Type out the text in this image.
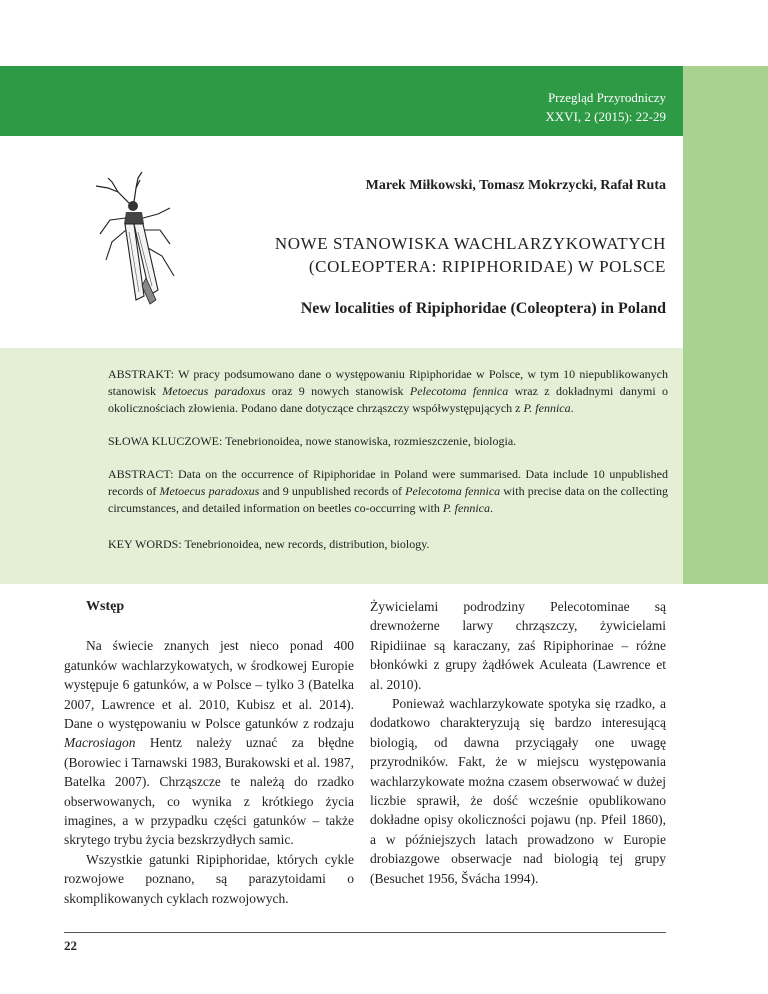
Przegląd Przyrodniczy
XXVI, 2 (2015): 22-29
Marek Miłkowski, Tomasz Mokrzycki, Rafał Ruta
NOWE STANOWISKA WACHLARZYKOWATYCH
(COLEOPTERA: RIPIPHORIDAE) W POLSCE
New localities of Ripiphoridae (Coleoptera) in Poland
ABSTRAKT: W pracy podsumowano dane o występowaniu Ripiphoridae w Polsce, w tym 10 niepublikowanych stanowisk Metoecus paradoxus oraz 9 nowych stanowisk Pelecotoma fennica wraz z dokładnymi danymi o okolicznościach złowienia. Podano dane dotyczące chrząszczy współwystępujących z P. fennica.
SŁOWA KLUCZOWE: Tenebrionoidea, nowe stanowiska, rozmieszczenie, biologia.
ABSTRACT: Data on the occurrence of Ripiphoridae in Poland were summarised. Data include 10 unpublished records of Metoecus paradoxus and 9 unpublished records of Pelecotoma fennica with precise data on the collecting circumstances, and detailed information on beetles co-occurring with P. fennica.
KEY WORDS: Tenebrionoidea, new records, distribution, biology.
Wstęp

Na świecie znanych jest nieco ponad 400 gatunków wachlarzykowatych, w środkowej Europie występuje 6 gatunków, a w Polsce – tylko 3 (Batelka 2007, Lawrence et al. 2010, Kubisz et al. 2014). Dane o występowaniu w Polsce gatunków z rodzaju Macrosiagon Hentz należy uznać za błędne (Borowiec i Tarnawski 1983, Burakowski et al. 1987, Batelka 2007). Chrząszcze te należą do rzadko obserwowanych, co wynika z krótkiego życia imagines, a w przypadku części gatunków – także skrytego trybu życia bezskrzydłych samic.

Wszystkie gatunki Ripiphoridae, których cykle rozwojowe poznano, są parazytoidami o skomplikowanych cyklach rozwojowych.

Żywicielami podrodziny Pelecotominae są drewnożerne larwy chrząszczy, żywicielami Ripidiinae są karaczany, zaś Ripiphorinae – różne błonkówki z grupy żądłówek Aculeata (Lawrence et al. 2010).

Ponieważ wachlarzykowate spotyka się rzadko, a dodatkowo charakteryzują się bardzo interesującą biologią, od dawna przyciągały one uwagę przyrodników. Fakt, że w miejscu występowania wachlarzykowate można czasem obserwować w dużej liczbie sprawił, że dość wcześnie opublikowano dokładne opisy okoliczności pojawu (np. Pfeil 1860), a w późniejszych latach prowadzono w Europie drobiazgowe obserwacje nad biologią tej grupy (Besuchet 1956, Švácha 1994).

22
